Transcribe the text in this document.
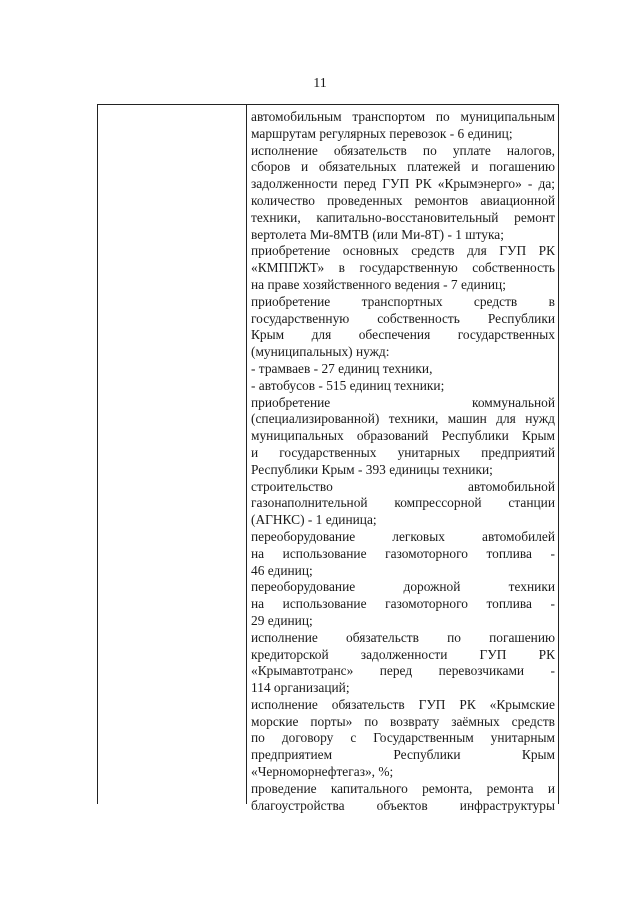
11
автомобильным транспортом по муниципальным
маршрутам регулярных перевозок - 6 единиц;
исполнение обязательств по уплате налогов,
сборов и обязательных платежей и погашению
задолженности перед ГУП РК «Крымэнерго» - да;
количество проведенных ремонтов авиационной
техники, капитально-восстановительный ремонт
вертолета Ми-8МТВ (или Ми-8Т) - 1 штука;
приобретение основных средств для ГУП РК
«КМППЖТ» в государственную собственность
на праве хозяйственного ведения - 7 единиц;
приобретение транспортных средств в
государственную собственность Республики
Крым для обеспечения государственных
(муниципальных) нужд:
- трамваев - 27 единиц техники,
- автобусов - 515 единиц техники;
приобретение коммунальной
(специализированной) техники, машин для нужд
муниципальных образований Республики Крым
и государственных унитарных предприятий
Республики Крым - 393 единицы техники;
строительство автомобильной
газонаполнительной компрессорной станции
(АГНКС) - 1 единица;
переоборудование легковых автомобилей
на использование газомоторного топлива -
46 единиц;
переоборудование дорожной техники
на использование газомоторного топлива -
29 единиц;
исполнение обязательств по погашению
кредиторской задолженности ГУП РК
«Крымавтотранс» перед перевозчиками -
114 организаций;
исполнение обязательств ГУП РК «Крымские
морские порты» по возврату заёмных средств
по договору с Государственным унитарным
предприятием Республики Крым
«Черноморнефтегаз», %;
проведение капитального ремонта, ремонта и
благоустройства объектов инфраструктуры
